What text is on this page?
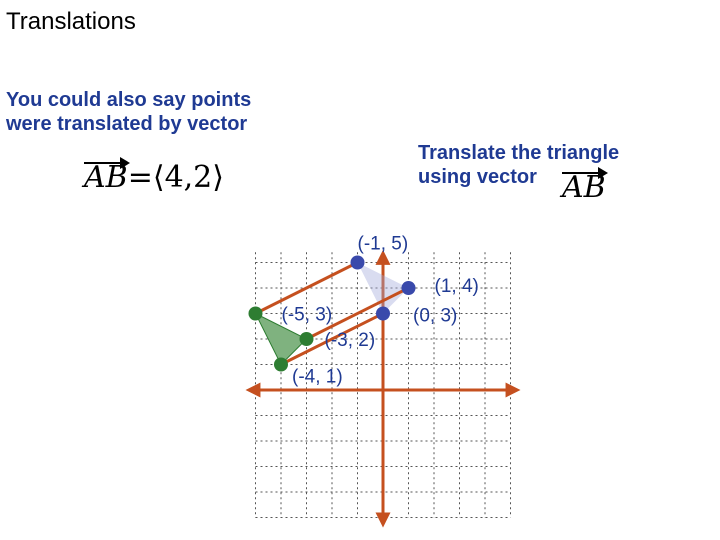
Translations
You could also say points
were translated by vector
AB=⟨4,2⟩
Translate the triangle
using vector AB
(-5, 3)
(-3, 2)
(-4, 1)
(-1, 5)
(1, 4)
(0, 3)
